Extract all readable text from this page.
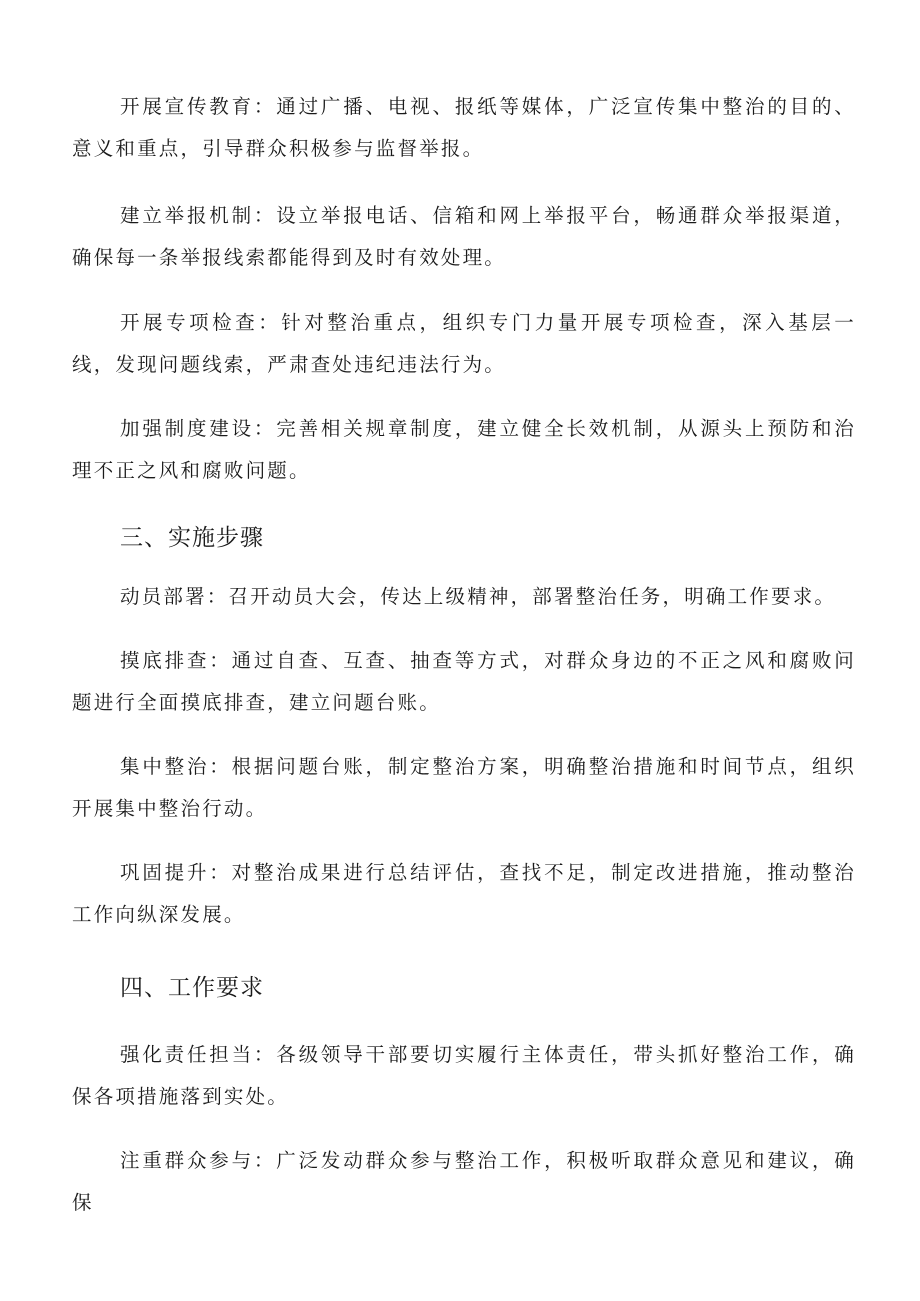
开展宣传教育：通过广播、电视、报纸等媒体，广泛宣传集中整治的目的、意义和重点，引导群众积极参与监督举报。

建立举报机制：设立举报电话、信箱和网上举报平台，畅通群众举报渠道，确保每一条举报线索都能得到及时有效处理。

开展专项检查：针对整治重点，组织专门力量开展专项检查，深入基层一线，发现问题线索，严肃查处违纪违法行为。

加强制度建设：完善相关规章制度，建立健全长效机制，从源头上预防和治理不正之风和腐败问题。

三、实施步骤

动员部署：召开动员大会，传达上级精神，部署整治任务，明确工作要求。

摸底排查：通过自查、互查、抽查等方式，对群众身边的不正之风和腐败问题进行全面摸底排查，建立问题台账。

集中整治：根据问题台账，制定整治方案，明确整治措施和时间节点，组织开展集中整治行动。

巩固提升：对整治成果进行总结评估，查找不足，制定改进措施，推动整治工作向纵深发展。

四、工作要求

强化责任担当：各级领导干部要切实履行主体责任，带头抓好整治工作，确保各项措施落到实处。

注重群众参与：广泛发动群众参与整治工作，积极听取群众意见和建议，确保
